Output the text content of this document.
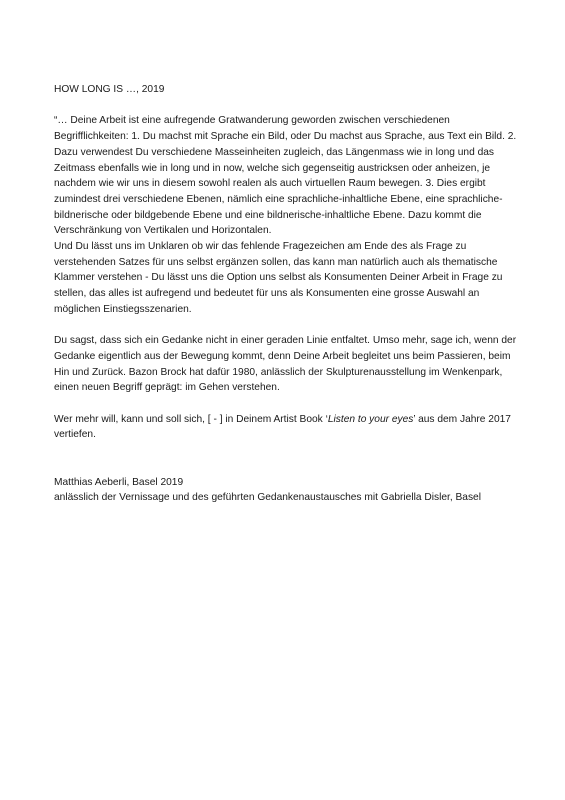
HOW LONG IS …, 2019

“… Deine Arbeit ist eine aufregende Gratwanderung geworden zwischen verschiedenen Begrifflichkeiten: 1. Du machst mit Sprache ein Bild, oder Du machst aus Sprache, aus Text ein Bild. 2. Dazu verwendest Du verschiedene Masseinheiten zugleich, das Längenmass wie in long und das Zeitmass ebenfalls wie in long und in now, welche sich gegenseitig austricksen oder anheizen, je nachdem wie wir uns in diesem sowohl realen als auch virtuellen Raum bewegen. 3. Dies ergibt zumindest drei verschiedene Ebenen, nämlich eine sprachliche-inhaltliche Ebene, eine sprachliche-bildnerische oder bildgebende Ebene und eine bildnerische-inhaltliche Ebene. Dazu kommt die Verschränkung von Vertikalen und Horizontalen.

Und Du lässt uns im Unklaren ob wir das fehlende Fragezeichen am Ende des als Frage zu verstehenden Satzes für uns selbst ergänzen sollen, das kann man natürlich auch als thematische Klammer verstehen - Du lässt uns die Option uns selbst als Konsumenten Deiner Arbeit in Frage zu stellen, das alles ist aufregend und bedeutet für uns als Konsumenten eine grosse Auswahl an möglichen Einstiegsszenarien.

Du sagst, dass sich ein Gedanke nicht in einer geraden Linie entfaltet. Umso mehr, sage ich, wenn der Gedanke eigentlich aus der Bewegung kommt, denn Deine Arbeit begleitet uns beim Passieren, beim Hin und Zurück. Bazon Brock hat dafür 1980, anlässlich der Skulpturenausstellung im Wenkenpark, einen neuen Begriff geprägt: im Gehen verstehen.

Wer mehr will, kann und soll sich, [ - ] in Deinem Artist Book ‘Listen to your eyes’ aus dem Jahre 2017 vertiefen.

Matthias Aeberli, Basel 2019

anlässlich der Vernissage und des geführten Gedankenaustausches mit Gabriella Disler, Basel
